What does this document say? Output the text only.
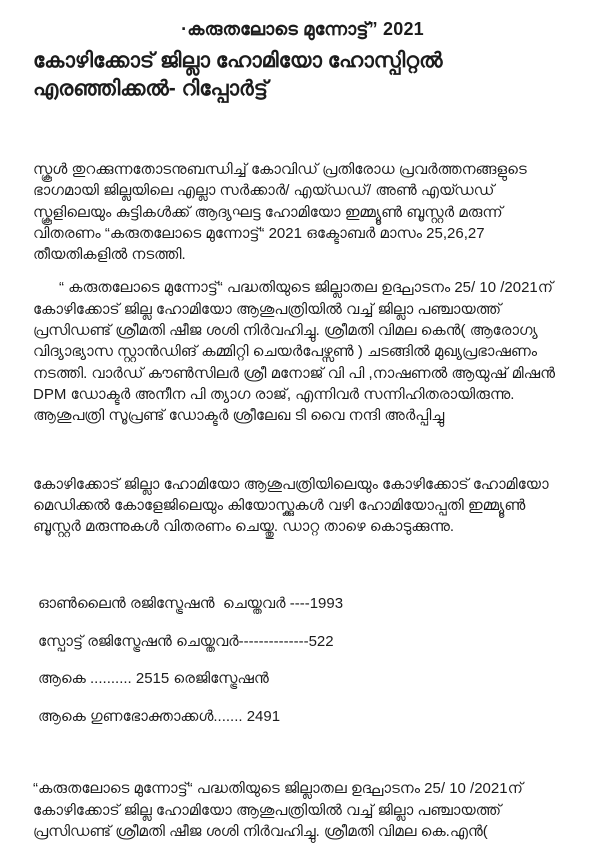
·കരുതലോടെ മുന്നോട്ട്” 2021
കോഴിക്കോട് ജില്ലാ ഹോമിയോ ഹോസ്പിറ്റൽ എരഞ്ഞിക്കൽ- റിപ്പോർട്ട്

സ്കൂൾ തുറക്കുന്നതോടനുബന്ധിച്ച് കോവിഡ് പ്രതിരോധ പ്രവർത്തനങ്ങളുടെ ഭാഗമായി ജില്ലയിലെ എല്ലാ സർക്കാർ/ എയ്ഡഡ്/ അൺ എയ്ഡഡ് സ്കൂളിലെയും കുട്ടികൾക്ക് ആദ്യഘട്ട ഹോമിയോ ഇമ്മ്യൂൺ ബൂസ്റ്റർ മരുന്ന് വിതരണം “കരുതലോടെ മുന്നോട്ട്“ 2021 ഒക്ടോബർ മാസം 25,26,27 തീയതികളിൽ നടത്തി.

“ കരുതലോടെ മുന്നോട്ട്“ പദ്ധതിയുടെ ജില്ലാതല ഉദ്ഘാടനം 25/ 10 /2021ന് കോഴിക്കോട് ജില്ല ഹോമിയോ ആശുപത്രിയിൽ വച്ച് ജില്ലാ പഞ്ചായത്ത് പ്രസിഡണ്ട് ശ്രീമതി ഷീജ ശശി നിർവഹിച്ചു. ശ്രീമതി വിമല കെൻ( ആരോഗ്യ വിദ്യാഭ്യാസ സ്റ്റാൻഡിങ് കമ്മിറ്റി ചെയർപേഴ്സൺ ) ചടങ്ങിൽ മുഖ്യപ്രഭാഷണം നടത്തി. വാർഡ് കൗൺസിലർ ശ്രീ മനോജ് വി പി ,നാഷണൽ ആയുഷ് മിഷൻ DPM ഡോക്ടർ അനീന പി ത്യാഗ രാജ്, എന്നിവർ സന്നിഹിതരായിരുന്നു. ആശുപത്രി സൂപ്രണ്ട് ഡോക്ടർ ശ്രീലേഖ ടി വൈ നന്ദി അർപ്പിച്ചു

കോഴിക്കോട് ജില്ലാ ഹോമിയോ ആശുപത്രിയിലെയും കോഴിക്കോട് ഹോമിയോ മെഡിക്കൽ കോളേജിലെയും കിയോസ്ക്കുകൾ വഴി ഹോമിയോപ്പതി ഇമ്മ്യൂൺ ബൂസ്റ്റർ മരുന്നുകൾ വിതരണം ചെയ്തു. ഡാറ്റ താഴെ കൊടുക്കുന്നു.

ഓൺലൈൻ രജിസ്ട്രേഷൻ  ചെയ്തവർ ----1993

സ്പോട്ട് രജിസ്ട്രേഷൻ ചെയ്തവർ--------------522

ആകെ .......... 2515 രെജിസ്ട്രേഷൻ

ആകെ ഗുണഭോക്താക്കൾ....... 2491

“കരുതലോടെ മുന്നോട്ട്“ പദ്ധതിയുടെ ജില്ലാതല ഉദ്ഘാടനം 25/ 10 /2021ന് കോഴിക്കോട് ജില്ല ഹോമിയോ ആശുപത്രിയിൽ വച്ച് ജില്ലാ പഞ്ചായത്ത് പ്രസിഡണ്ട് ശ്രീമതി ഷീജ ശശി നിർവഹിച്ചു. ശ്രീമതി വിമല കെ.എൻ(
